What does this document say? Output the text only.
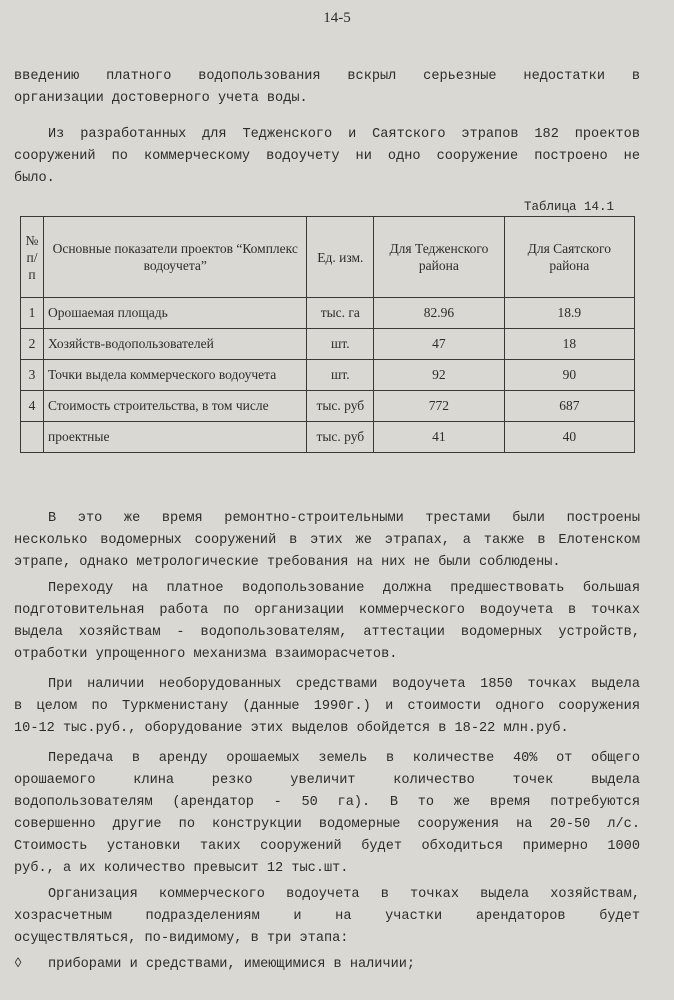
14-5
введению платного водопользования вскрыл серьезные недостатки в
организации достоверного учета воды.
Из разработанных для Тедженского и Саятского этрапов 182 проектов
сооружений по коммерческому водоучету ни одно сооружение построено не
было.
Таблица 14.1
№ п/п	Основные показатели проектов “Комплекс водоучета”	Ед. изм.	Для Тедженского района	Для Саятского района
1	Орошаемая площадь	тыс. га	82.96	18.9
2	Хозяйств-водопользователей	шт.	47	18
3	Точки выдела коммерческого водоучета	шт.	92	90
4	Стоимость строительства, в том числе	тыс. руб	772	687
	проектные	тыс. руб	41	40
В это же время ремонтно-строительными трестами были построены
несколько водомерных сооружений в этих же этрапах, а также в Елотенском
этрапе, однако метрологические требования на них не были соблюдены.
Переходу на платное водопользование должна предшествовать большая
подготовительная работа по организации коммерческого водоучета в точках
выдела хозяйствам - водопользователям, аттестации водомерных устройств,
отработки упрощенного механизма взаиморасчетов.
При наличии необорудованных средствами водоучета 1850 точках выдела
в целом по Туркменистану (данные 1990г.) и стоимости одного сооружения
10-12 тыс.руб., оборудование этих выделов обойдется в 18-22 млн.руб.
Передача в аренду орошаемых земель в количестве 40% от общего
орошаемого клина резко увеличит количество точек выдела
водопользователям (арендатор - 50 га). В то же время потребуются
совершенно другие по конструкции водомерные сооружения на 20-50 л/с.
Стоимость установки таких сооружений будет обходиться примерно 1000
руб., а их количество превысит 12 тыс.шт.
Организация коммерческого водоучета в точках выдела хозяйствам,
хозрасчетным подразделениям и на участки арендаторов будет
осуществляться, по-видимому, в три этапа:
◊	приборами и средствами, имеющимися в наличии;
